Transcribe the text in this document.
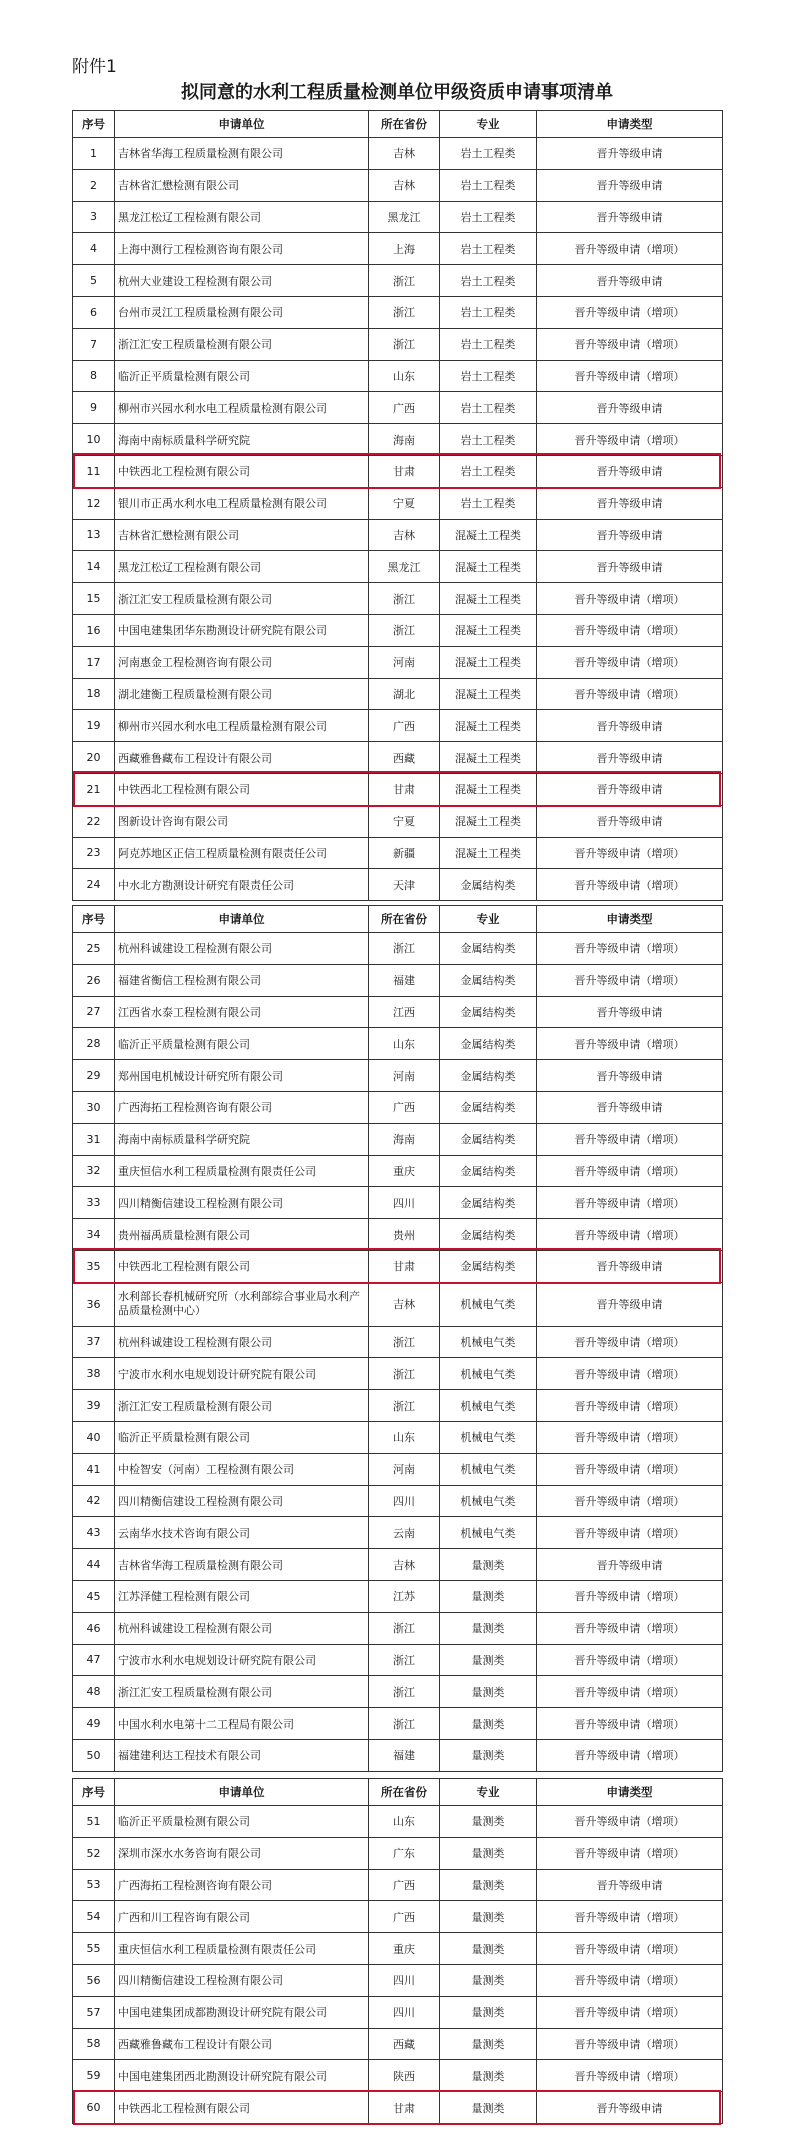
附件1
拟同意的水利工程质量检测单位甲级资质申请事项清单
序号	申请单位	所在省份	专业	申请类型
1	吉林省华海工程质量检测有限公司	吉林	岩土工程类	晋升等级申请
2	吉林省汇懋检测有限公司	吉林	岩土工程类	晋升等级申请
3	黑龙江松辽工程检测有限公司	黑龙江	岩土工程类	晋升等级申请
4	上海中测行工程检测咨询有限公司	上海	岩土工程类	晋升等级申请（增项）
5	杭州大业建设工程检测有限公司	浙江	岩土工程类	晋升等级申请
6	台州市灵江工程质量检测有限公司	浙江	岩土工程类	晋升等级申请（增项）
7	浙江汇安工程质量检测有限公司	浙江	岩土工程类	晋升等级申请（增项）
8	临沂正平质量检测有限公司	山东	岩土工程类	晋升等级申请（增项）
9	柳州市兴园水利水电工程质量检测有限公司	广西	岩土工程类	晋升等级申请
10	海南中南标质量科学研究院	海南	岩土工程类	晋升等级申请（增项）
11	中铁西北工程检测有限公司	甘肃	岩土工程类	晋升等级申请
12	银川市正禹水利水电工程质量检测有限公司	宁夏	岩土工程类	晋升等级申请
13	吉林省汇懋检测有限公司	吉林	混凝土工程类	晋升等级申请
14	黑龙江松辽工程检测有限公司	黑龙江	混凝土工程类	晋升等级申请
15	浙江汇安工程质量检测有限公司	浙江	混凝土工程类	晋升等级申请（增项）
16	中国电建集团华东勘测设计研究院有限公司	浙江	混凝土工程类	晋升等级申请（增项）
17	河南惠金工程检测咨询有限公司	河南	混凝土工程类	晋升等级申请（增项）
18	湖北建衡工程质量检测有限公司	湖北	混凝土工程类	晋升等级申请（增项）
19	柳州市兴园水利水电工程质量检测有限公司	广西	混凝土工程类	晋升等级申请
20	西藏雅鲁藏布工程设计有限公司	西藏	混凝土工程类	晋升等级申请
21	中铁西北工程检测有限公司	甘肃	混凝土工程类	晋升等级申请
22	图新设计咨询有限公司	宁夏	混凝土工程类	晋升等级申请
23	阿克苏地区正信工程质量检测有限责任公司	新疆	混凝土工程类	晋升等级申请（增项）
24	中水北方勘测设计研究有限责任公司	天津	金属结构类	晋升等级申请（增项）
序号	申请单位	所在省份	专业	申请类型
25	杭州科诚建设工程检测有限公司	浙江	金属结构类	晋升等级申请（增项）
26	福建省衡信工程检测有限公司	福建	金属结构类	晋升等级申请（增项）
27	江西省水泰工程检测有限公司	江西	金属结构类	晋升等级申请
28	临沂正平质量检测有限公司	山东	金属结构类	晋升等级申请（增项）
29	郑州国电机械设计研究所有限公司	河南	金属结构类	晋升等级申请
30	广西海拓工程检测咨询有限公司	广西	金属结构类	晋升等级申请
31	海南中南标质量科学研究院	海南	金属结构类	晋升等级申请（增项）
32	重庆恒信水利工程质量检测有限责任公司	重庆	金属结构类	晋升等级申请（增项）
33	四川精衡信建设工程检测有限公司	四川	金属结构类	晋升等级申请（增项）
34	贵州福禹质量检测有限公司	贵州	金属结构类	晋升等级申请（增项）
35	中铁西北工程检测有限公司	甘肃	金属结构类	晋升等级申请
36	水利部长春机械研究所（水利部综合事业局水利产品质量检测中心）	吉林	机械电气类	晋升等级申请
37	杭州科诚建设工程检测有限公司	浙江	机械电气类	晋升等级申请（增项）
38	宁波市水利水电规划设计研究院有限公司	浙江	机械电气类	晋升等级申请（增项）
39	浙江汇安工程质量检测有限公司	浙江	机械电气类	晋升等级申请（增项）
40	临沂正平质量检测有限公司	山东	机械电气类	晋升等级申请（增项）
41	中检智安（河南）工程检测有限公司	河南	机械电气类	晋升等级申请（增项）
42	四川精衡信建设工程检测有限公司	四川	机械电气类	晋升等级申请（增项）
43	云南华水技术咨询有限公司	云南	机械电气类	晋升等级申请（增项）
44	吉林省华海工程质量检测有限公司	吉林	量测类	晋升等级申请
45	江苏泽健工程检测有限公司	江苏	量测类	晋升等级申请（增项）
46	杭州科诚建设工程检测有限公司	浙江	量测类	晋升等级申请（增项）
47	宁波市水利水电规划设计研究院有限公司	浙江	量测类	晋升等级申请（增项）
48	浙江汇安工程质量检测有限公司	浙江	量测类	晋升等级申请（增项）
49	中国水利水电第十二工程局有限公司	浙江	量测类	晋升等级申请（增项）
50	福建建利达工程技术有限公司	福建	量测类	晋升等级申请（增项）
序号	申请单位	所在省份	专业	申请类型
51	临沂正平质量检测有限公司	山东	量测类	晋升等级申请（增项）
52	深圳市深水水务咨询有限公司	广东	量测类	晋升等级申请（增项）
53	广西海拓工程检测咨询有限公司	广西	量测类	晋升等级申请
54	广西和川工程咨询有限公司	广西	量测类	晋升等级申请（增项）
55	重庆恒信水利工程质量检测有限责任公司	重庆	量测类	晋升等级申请（增项）
56	四川精衡信建设工程检测有限公司	四川	量测类	晋升等级申请（增项）
57	中国电建集团成都勘测设计研究院有限公司	四川	量测类	晋升等级申请（增项）
58	西藏雅鲁藏布工程设计有限公司	西藏	量测类	晋升等级申请（增项）
59	中国电建集团西北勘测设计研究院有限公司	陕西	量测类	晋升等级申请（增项）
60	中铁西北工程检测有限公司	甘肃	量测类	晋升等级申请
